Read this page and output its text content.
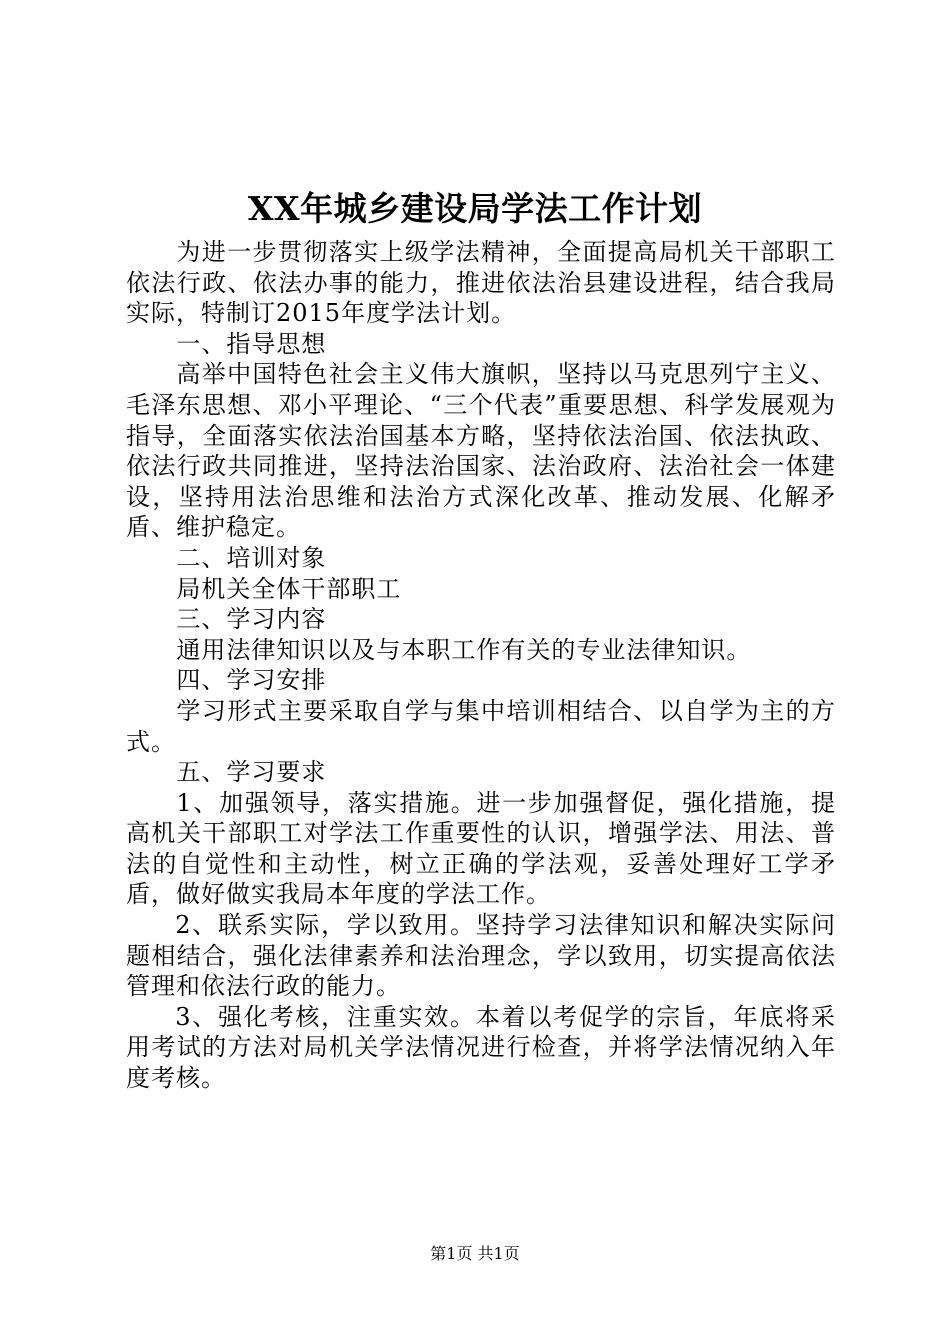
XX年城乡建设局学法工作计划

为进一步贯彻落实上级学法精神，全面提高局机关干部职工依法行政、依法办事的能力，推进依法治县建设进程，结合我局实际，特制订2015年度学法计划。

一、指导思想

高举中国特色社会主义伟大旗帜，坚持以马克思列宁主义、毛泽东思想、邓小平理论、“三个代表”重要思想、科学发展观为指导，全面落实依法治国基本方略，坚持依法治国、依法执政、依法行政共同推进，坚持法治国家、法治政府、法治社会一体建设，坚持用法治思维和法治方式深化改革、推动发展、化解矛盾、维护稳定。

二、培训对象

局机关全体干部职工

三、学习内容

通用法律知识以及与本职工作有关的专业法律知识。

四、学习安排

学习形式主要采取自学与集中培训相结合、以自学为主的方式。

五、学习要求

1、加强领导，落实措施。进一步加强督促，强化措施，提高机关干部职工对学法工作重要性的认识，增强学法、用法、普法的自觉性和主动性，树立正确的学法观，妥善处理好工学矛盾，做好做实我局本年度的学法工作。

2、联系实际，学以致用。坚持学习法律知识和解决实际问题相结合，强化法律素养和法治理念，学以致用，切实提高依法管理和依法行政的能力。

3、强化考核，注重实效。本着以考促学的宗旨，年底将采用考试的方法对局机关学法情况进行检查，并将学法情况纳入年度考核。

第1页 共1页
